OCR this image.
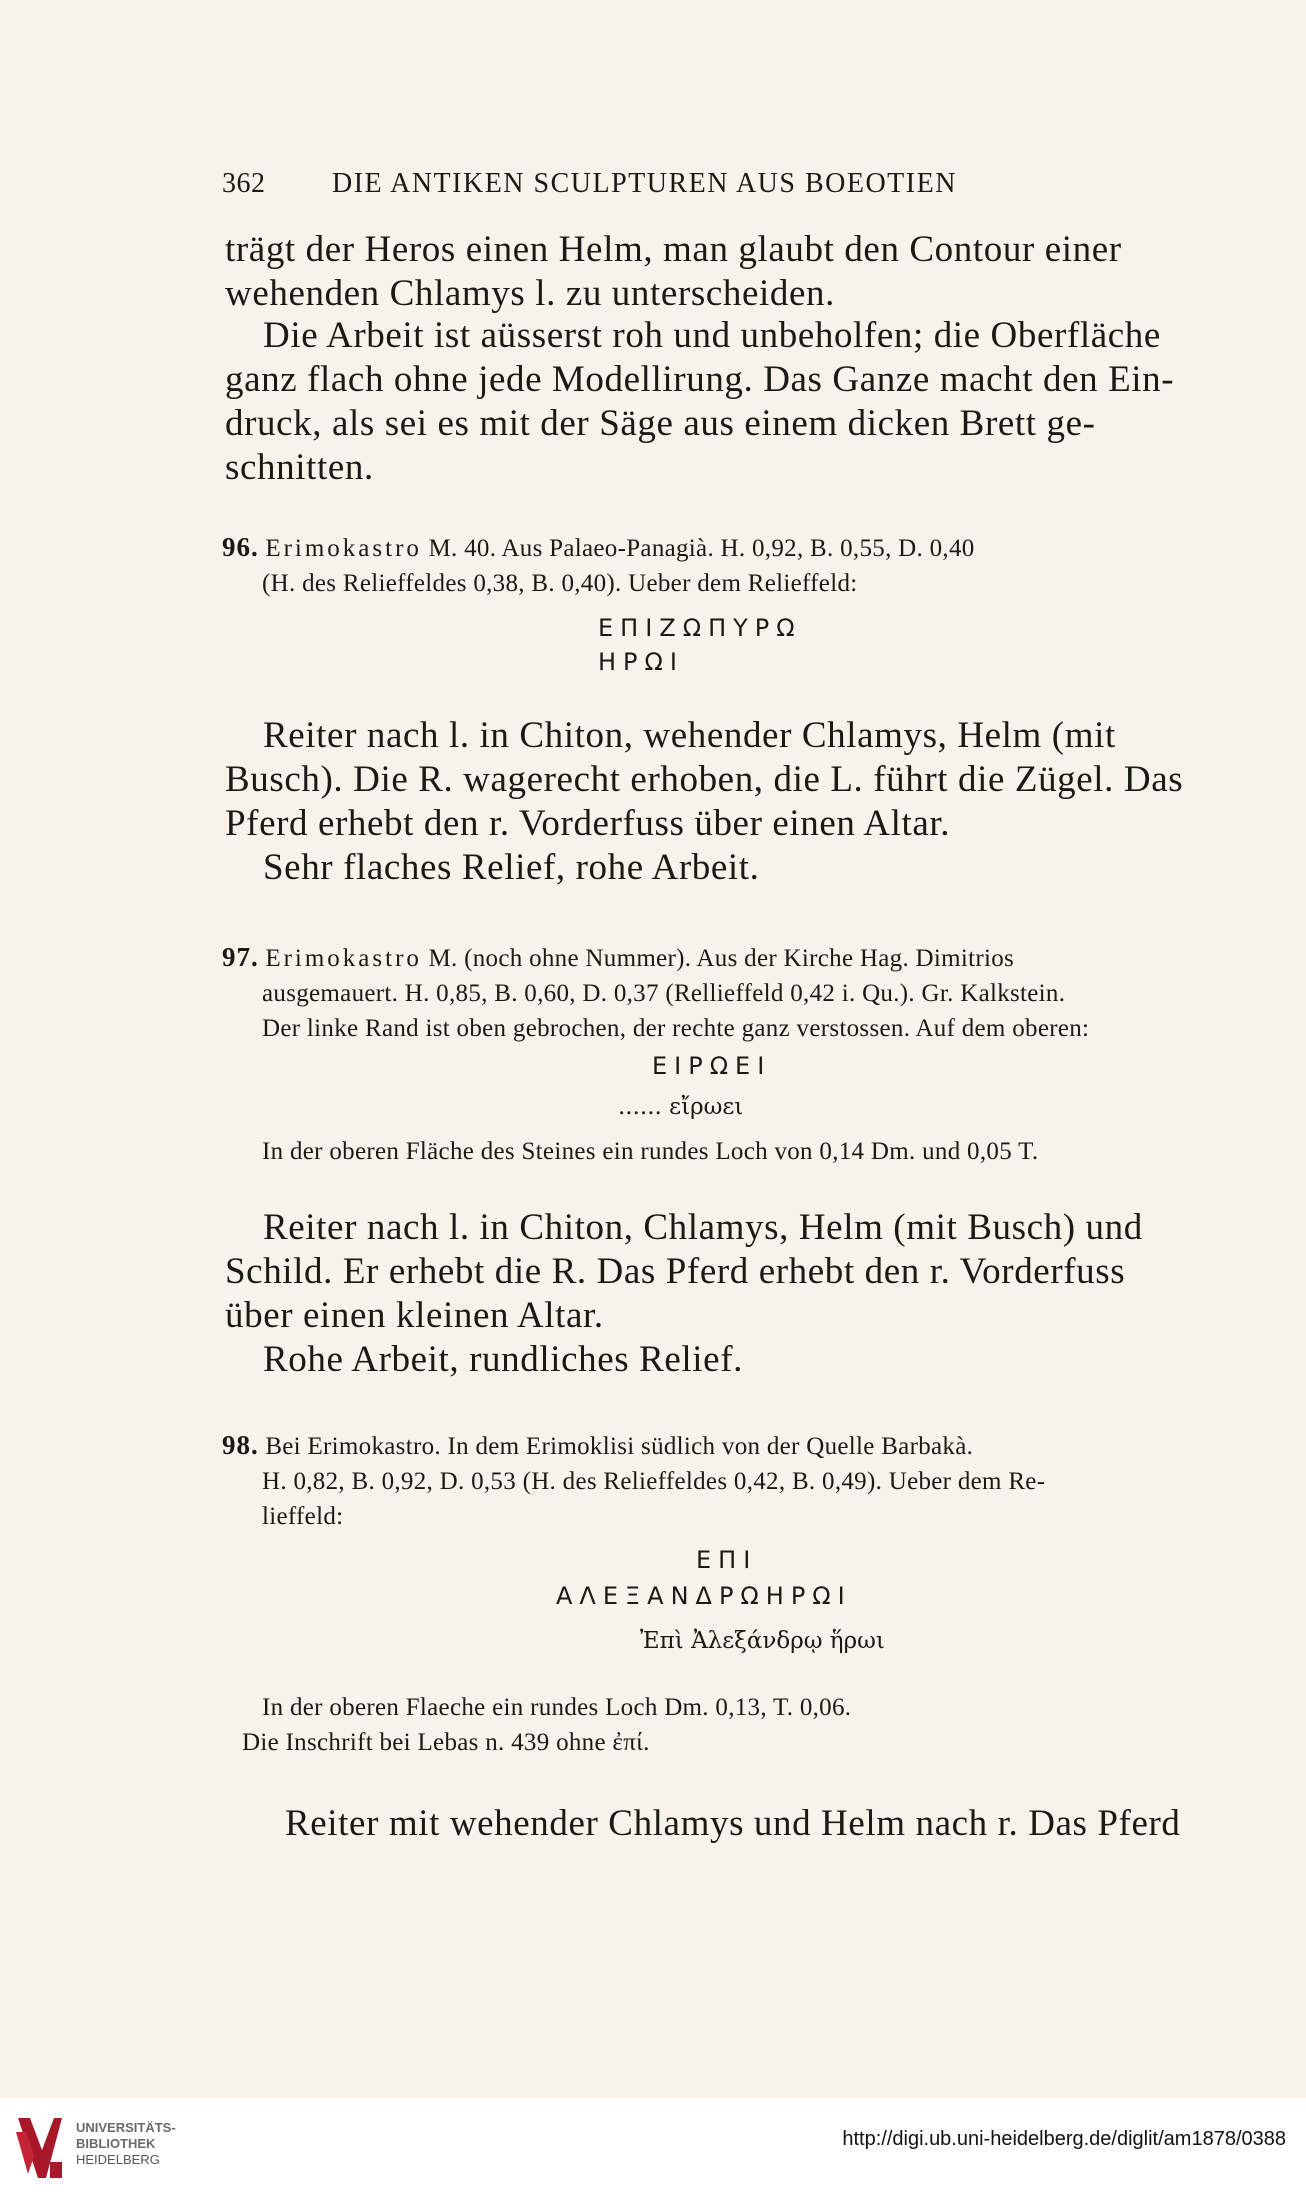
362 DIE ANTIKEN SCULPTUREN AUS BOEOTIEN
trägt der Heros einen Helm, man glaubt den Contour einer
wehenden Chlamys l. zu unterscheiden.
Die Arbeit ist aüsserst roh und unbeholfen; die Oberfläche
ganz flach ohne jede Modellirung. Das Ganze macht den Ein-
druck, als sei es mit der Säge aus einem dicken Brett ge-
schnitten.
96. Erimokastro M. 40. Aus Palaeo-Panagià. H. 0,92, B. 0,55, D. 0,40
(H. des Relieffeldes 0,38, B. 0,40). Ueber dem Relieffeld:
ΕΠΙΖΩΠΥΡΩ
ΗΡΩΙ
Reiter nach l. in Chiton, wehender Chlamys, Helm (mit
Busch). Die R. wagerecht erhoben, die L. führt die Zügel. Das
Pferd erhebt den r. Vorderfuss über einen Altar.
Sehr flaches Relief, rohe Arbeit.
97. Erimokastro M. (noch ohne Nummer). Aus der Kirche Hag. Dimitrios
ausgemauert. H. 0,85, B. 0,60, D. 0,37 (Rellieffeld 0,42 i. Qu.). Gr. Kalkstein.
Der linke Rand ist oben gebrochen, der rechte ganz verstossen. Auf dem oberen:
ΕΙΡΩΕΙ
...... εἴρωει
In der oberen Fläche des Steines ein rundes Loch von 0,14 Dm. und 0,05 T.
Reiter nach l. in Chiton, Chlamys, Helm (mit Busch) und
Schild. Er erhebt die R. Das Pferd erhebt den r. Vorderfuss
über einen kleinen Altar.
Rohe Arbeit, rundliches Relief.
98. Bei Erimokastro. In dem Erimoklisi südlich von der Quelle Barbakà.
H. 0,82, B. 0,92, D. 0,53 (H. des Relieffeldes 0,42, B. 0,49). Ueber dem Re-
lieffeld:
ΕΠΙ
ΑΛΕΞΑΝΔΡΩΗΡΩΙ
Ἐπὶ Ἀλεξάνδρῳ ἥρωι
In der oberen Flaeche ein rundes Loch Dm. 0,13, T. 0,06.
Die Inschrift bei Lebas n. 439 ohne ἐπί.
Reiter mit wehender Chlamys und Helm nach r. Das Pferd
UNIVERSITÄTS-
BIBLIOTHEK
HEIDELBERG
http://digi.ub.uni-heidelberg.de/diglit/am1878/0388
